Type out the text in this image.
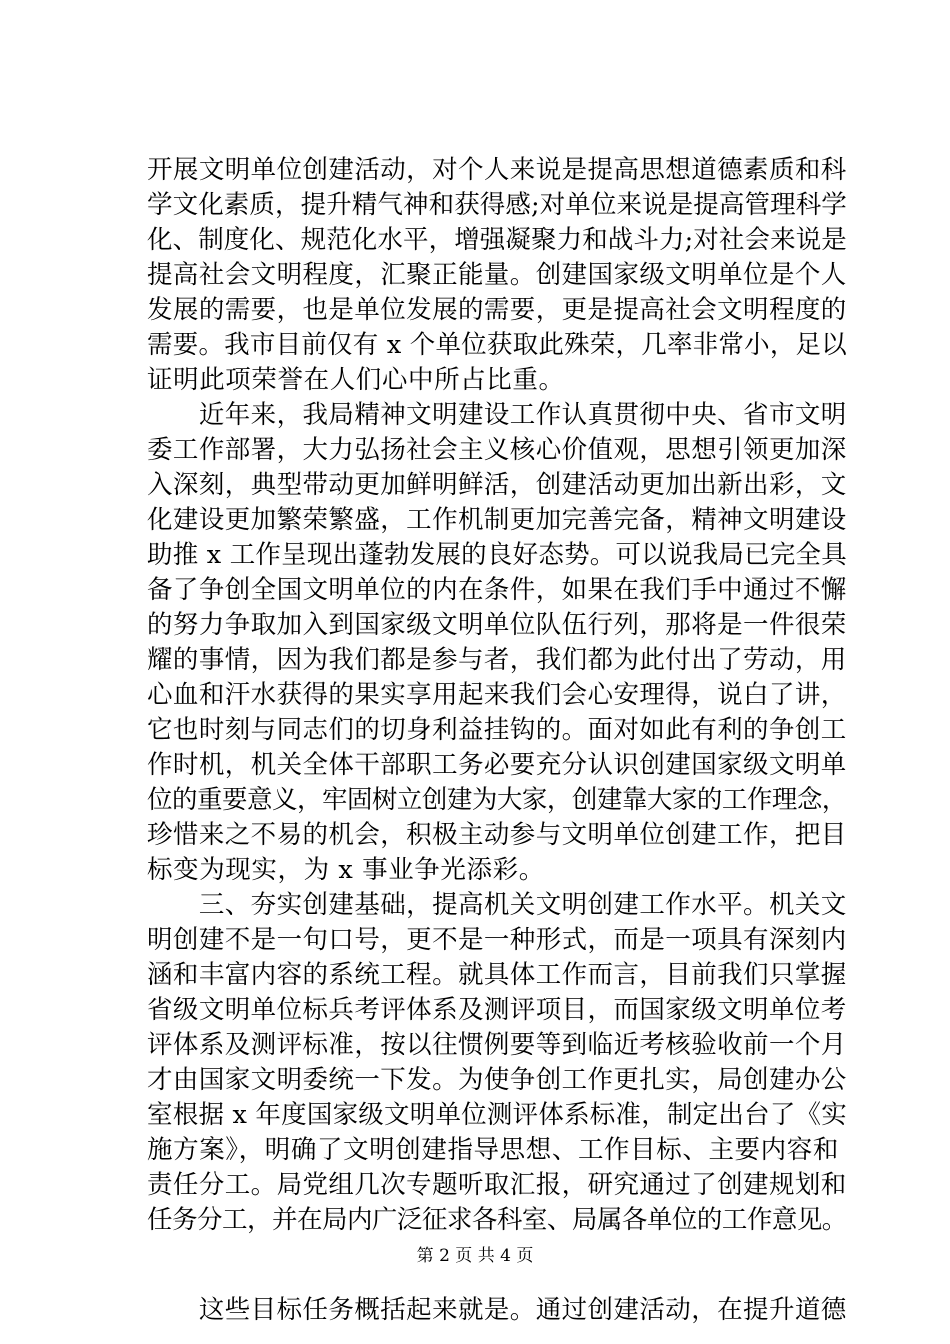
开展文明单位创建活动，对个人来说是提高思想道德素质和科
学文化素质，提升精气神和获得感;对单位来说是提高管理科学
化、制度化、规范化水平，增强凝聚力和战斗力;对社会来说是
提高社会文明程度，汇聚正能量。创建国家级文明单位是个人
发展的需要，也是单位发展的需要，更是提高社会文明程度的
需要。我市目前仅有 x 个单位获取此殊荣，几率非常小，足以
证明此项荣誉在人们心中所占比重。
　　近年来，我局精神文明建设工作认真贯彻中央、省市文明
委工作部署，大力弘扬社会主义核心价值观，思想引领更加深
入深刻，典型带动更加鲜明鲜活，创建活动更加出新出彩，文
化建设更加繁荣繁盛，工作机制更加完善完备，精神文明建设
助推 x 工作呈现出蓬勃发展的良好态势。可以说我局已完全具
备了争创全国文明单位的内在条件，如果在我们手中通过不懈
的努力争取加入到国家级文明单位队伍行列，那将是一件很荣
耀的事情，因为我们都是参与者，我们都为此付出了劳动，用
心血和汗水获得的果实享用起来我们会心安理得，说白了讲，
它也时刻与同志们的切身利益挂钩的。面对如此有利的争创工
作时机，机关全体干部职工务必要充分认识创建国家级文明单
位的重要意义，牢固树立创建为大家，创建靠大家的工作理念，
珍惜来之不易的机会，积极主动参与文明单位创建工作，把目
标变为现实，为 x 事业争光添彩。
　　三、夯实创建基础，提高机关文明创建工作水平。机关文
明创建不是一句口号，更不是一种形式，而是一项具有深刻内
涵和丰富内容的系统工程。就具体工作而言，目前我们只掌握
省级文明单位标兵考评体系及测评项目，而国家级文明单位考
评体系及测评标准，按以往惯例要等到临近考核验收前一个月
才由国家文明委统一下发。为使争创工作更扎实，局创建办公
室根据 x 年度国家级文明单位测评体系标准，制定出台了《实
施方案》，明确了文明创建指导思想、工作目标、主要内容和
责任分工。局党组几次专题听取汇报，研究通过了创建规划和
任务分工，并在局内广泛征求各科室、局属各单位的工作意见。
　　这些目标任务概括起来就是。通过创建活动，在提升道德
第 2 页 共 4 页
